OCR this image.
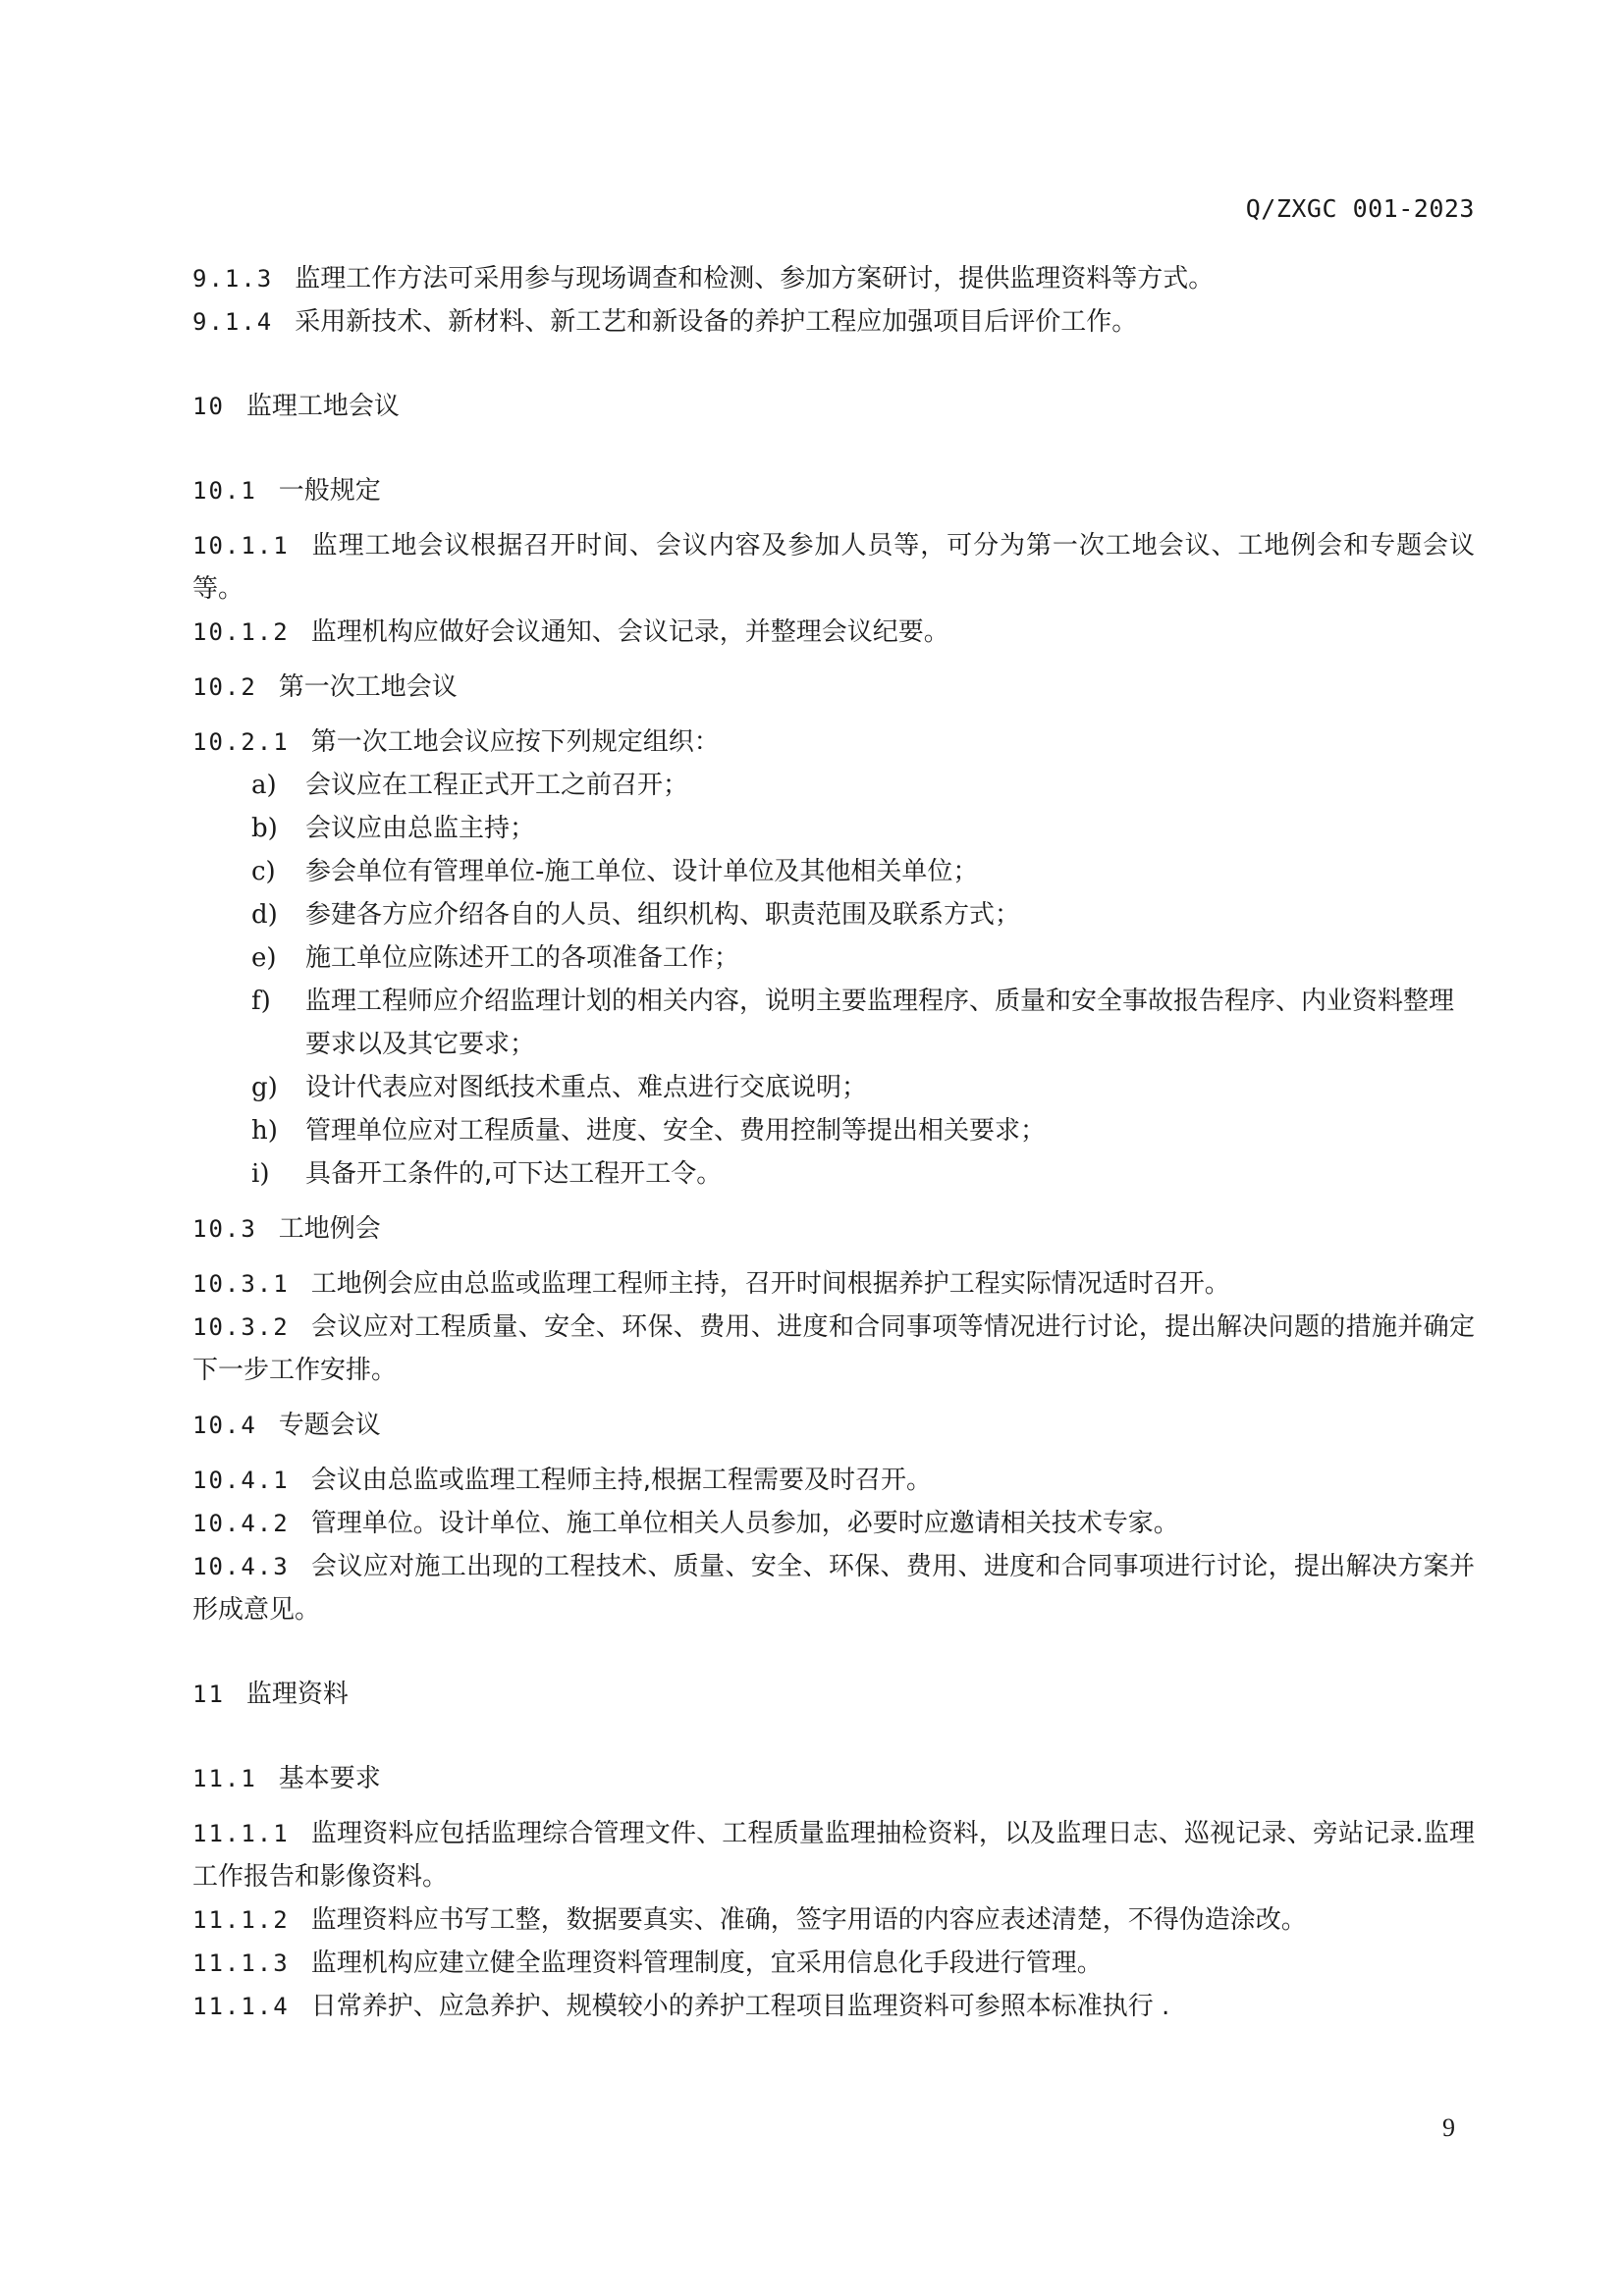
Q/ZXGC 001-2023

9.1.3 监理工作方法可采用参与现场调查和检测、参加方案研讨，提供监理资料等方式。

9.1.4 采用新技术、新材料、新工艺和新设备的养护工程应加强项目后评价工作。

10 监理工地会议
10.1 一般规定

10.1.1 监理工地会议根据召开时间、会议内容及参加人员等，可分为第一次工地会议、工地例会和专题会议等。

10.1.2 监理机构应做好会议通知、会议记录，并整理会议纪要。

10.2 第一次工地会议

10.2.1 第一次工地会议应按下列规定组织：

a)	会议应在工程正式开工之前召开；
b)	会议应由总监主持；
c)	参会单位有管理单位-施工单位、设计单位及其他相关单位；
d)	参建各方应介绍各自的人员、组织机构、职责范围及联系方式；
e)	施工单位应陈述开工的各项准备工作；
f)	监理工程师应介绍监理计划的相关内容，说明主要监理程序、质量和安全事故报告程序、内业资料整理要求以及其它要求；
g)	设计代表应对图纸技术重点、难点进行交底说明；
h)	管理单位应对工程质量、进度、安全、费用控制等提出相关要求；
i)	具备开工条件的,可下达工程开工令。
10.3 工地例会

10.3.1 工地例会应由总监或监理工程师主持，召开时间根据养护工程实际情况适时召开。

10.3.2 会议应对工程质量、安全、环保、费用、进度和合同事项等情况进行讨论，提出解决问题的措施并确定下一步工作安排。

10.4 专题会议

10.4.1 会议由总监或监理工程师主持,根据工程需要及时召开。

10.4.2 管理单位。设计单位、施工单位相关人员参加，必要时应邀请相关技术专家。

10.4.3 会议应对施工出现的工程技术、质量、安全、环保、费用、进度和合同事项进行讨论，提出解决方案并形成意见。

11 监理资料
11.1 基本要求

11.1.1 监理资料应包括监理综合管理文件、工程质量监理抽检资料，以及监理日志、巡视记录、旁站记录.监理工作报告和影像资料。

11.1.2 监理资料应书写工整，数据要真实、准确，签字用语的内容应表述清楚，不得伪造涂改。

11.1.3 监理机构应建立健全监理资料管理制度，宜采用信息化手段进行管理。

11.1.4 日常养护、应急养护、规模较小的养护工程项目监理资料可参照本标准执行 .

9
